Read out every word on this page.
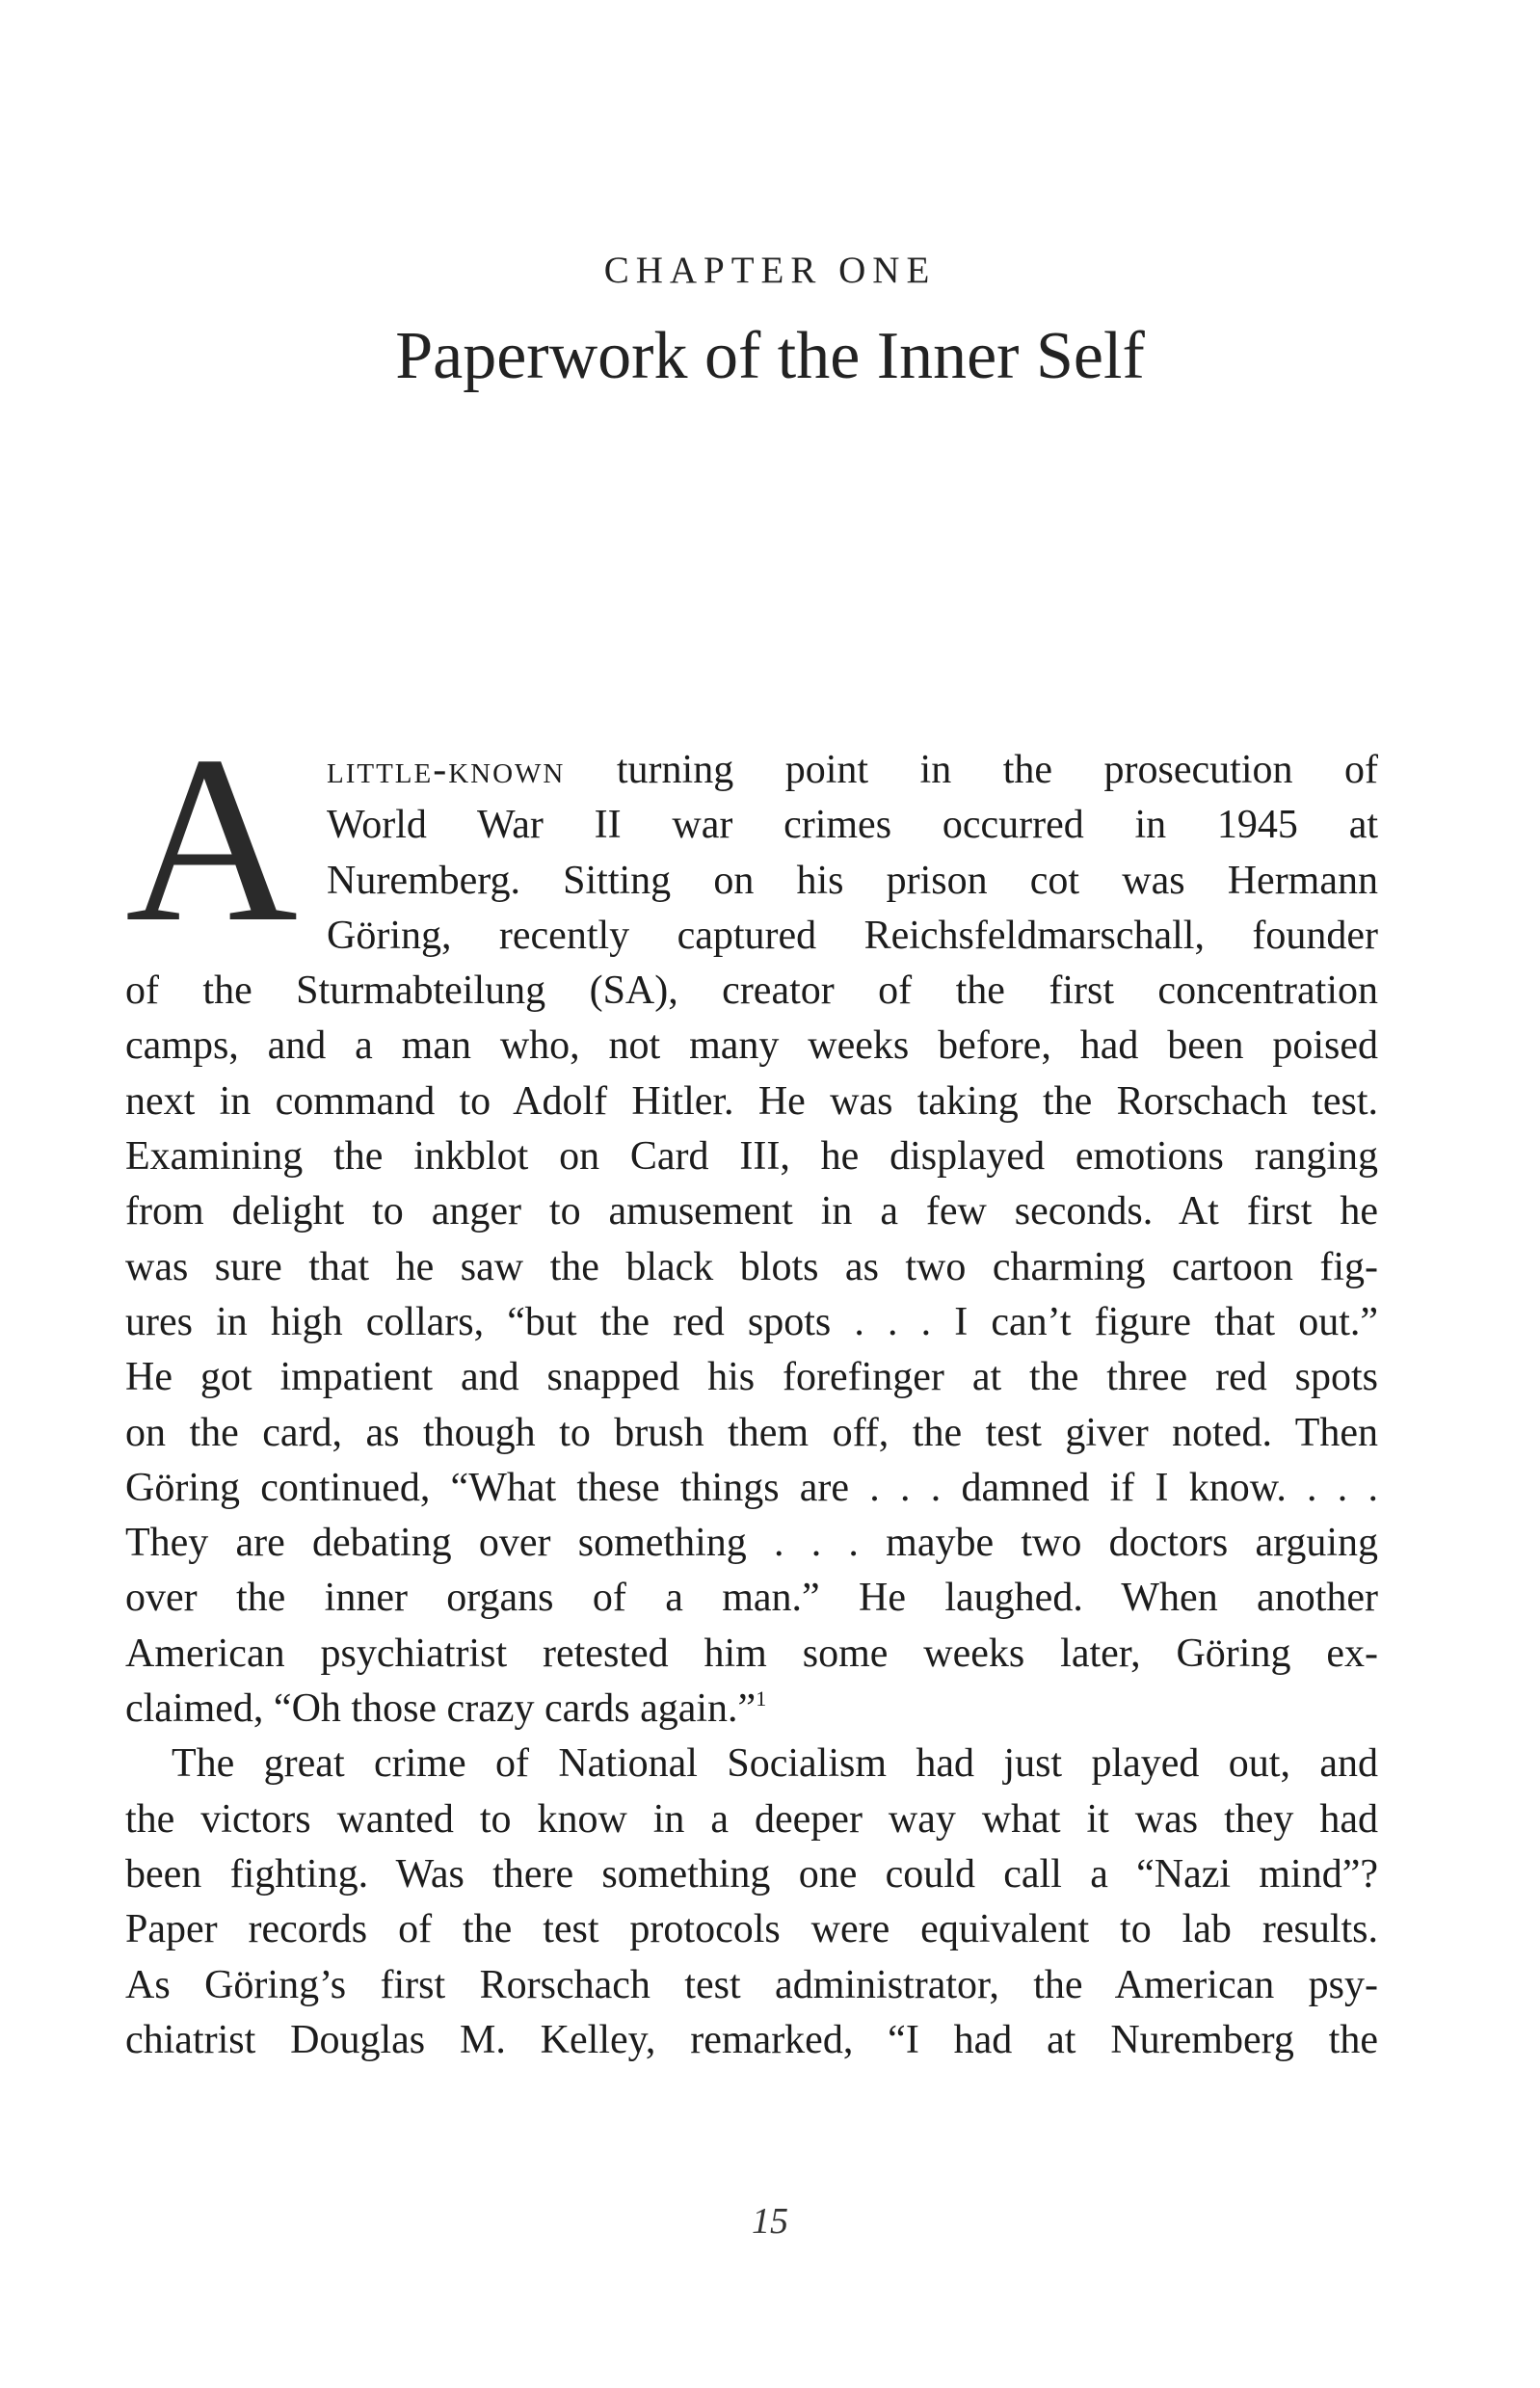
CHAPTER ONE
Paperwork of the Inner Self
A little-known turning point in the prosecution of
World War II war crimes occurred in 1945 at
Nuremberg. Sitting on his prison cot was Hermann
Göring, recently captured Reichsfeldmarschall, founder
of the Sturmabteilung (SA), creator of the first concentration
camps, and a man who, not many weeks before, had been poised
next in command to Adolf Hitler. He was taking the Rorschach test.
Examining the inkblot on Card III, he displayed emotions ranging
from delight to anger to amusement in a few seconds. At first he
was sure that he saw the black blots as two charming cartoon fig-
ures in high collars, “but the red spots . . . I can’t figure that out.”
He got impatient and snapped his forefinger at the three red spots
on the card, as though to brush them off, the test giver noted. Then
Göring continued, “What these things are . . . damned if I know. . . .
They are debating over something . . . maybe two doctors arguing
over the inner organs of a man.” He laughed. When another
American psychiatrist retested him some weeks later, Göring ex-
claimed, “Oh those crazy cards again.”$^1$
The great crime of National Socialism had just played out, and
the victors wanted to know in a deeper way what it was they had
been fighting. Was there something one could call a “Nazi mind”?
Paper records of the test protocols were equivalent to lab results.
As Göring’s first Rorschach test administrator, the American psy-
chiatrist Douglas M. Kelley, remarked, “I had at Nuremberg the
15
